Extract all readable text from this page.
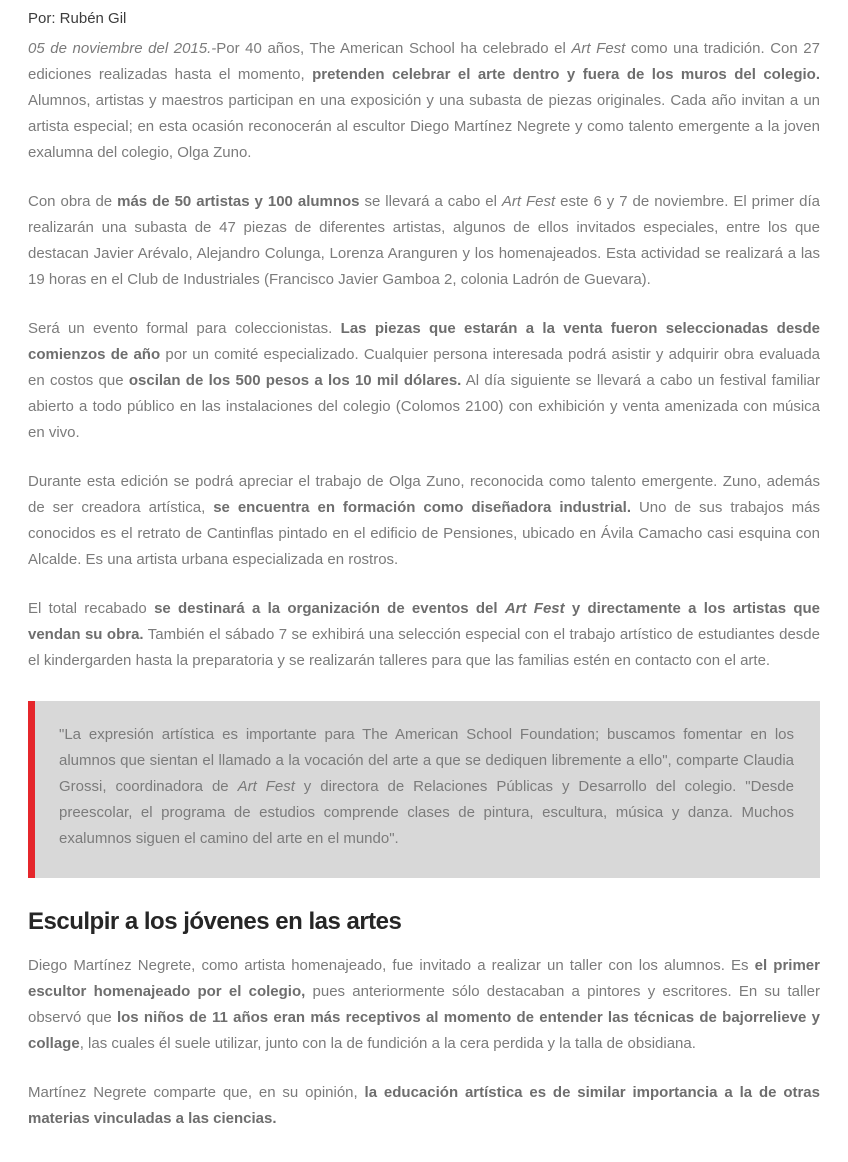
Por: Rubén Gil

05 de noviembre del 2015.-Por 40 años, The American School ha celebrado el Art Fest como una tradición. Con 27 ediciones realizadas hasta el momento, pretenden celebrar el arte dentro y fuera de los muros del colegio. Alumnos, artistas y maestros participan en una exposición y una subasta de piezas originales. Cada año invitan a un artista especial; en esta ocasión reconocerán al escultor Diego Martínez Negrete y como talento emergente a la joven exalumna del colegio, Olga Zuno.

Con obra de más de 50 artistas y 100 alumnos se llevará a cabo el Art Fest este 6 y 7 de noviembre. El primer día realizarán una subasta de 47 piezas de diferentes artistas, algunos de ellos invitados especiales, entre los que destacan Javier Arévalo, Alejandro Colunga, Lorenza Aranguren y los homenajeados. Esta actividad se realizará a las 19 horas en el Club de Industriales (Francisco Javier Gamboa 2, colonia Ladrón de Guevara).

Será un evento formal para coleccionistas. Las piezas que estarán a la venta fueron seleccionadas desde comienzos de año por un comité especializado. Cualquier persona interesada podrá asistir y adquirir obra evaluada en costos que oscilan de los 500 pesos a los 10 mil dólares. Al día siguiente se llevará a cabo un festival familiar abierto a todo público en las instalaciones del colegio (Colomos 2100) con exhibición y venta amenizada con música en vivo.

Durante esta edición se podrá apreciar el trabajo de Olga Zuno, reconocida como talento emergente. Zuno, además de ser creadora artística, se encuentra en formación como diseñadora industrial. Uno de sus trabajos más conocidos es el retrato de Cantinflas pintado en el edificio de Pensiones, ubicado en Ávila Camacho casi esquina con Alcalde. Es una artista urbana especializada en rostros.

El total recabado se destinará a la organización de eventos del Art Fest y directamente a los artistas que vendan su obra. También el sábado 7 se exhibirá una selección especial con el trabajo artístico de estudiantes desde el kindergarden hasta la preparatoria y se realizarán talleres para que las familias estén en contacto con el arte.

"La expresión artística es importante para The American School Foundation; buscamos fomentar en los alumnos que sientan el llamado a la vocación del arte a que se dediquen libremente a ello", comparte Claudia Grossi, coordinadora de Art Fest y directora de Relaciones Públicas y Desarrollo del colegio. "Desde preescolar, el programa de estudios comprende clases de pintura, escultura, música y danza. Muchos exalumnos siguen el camino del arte en el mundo".

Esculpir a los jóvenes en las artes

Diego Martínez Negrete, como artista homenajeado, fue invitado a realizar un taller con los alumnos. Es el primer escultor homenajeado por el colegio, pues anteriormente sólo destacaban a pintores y escritores. En su taller observó que los niños de 11 años eran más receptivos al momento de entender las técnicas de bajorrelieve y collage, las cuales él suele utilizar, junto con la de fundición a la cera perdida y la talla de obsidiana.

Martínez Negrete comparte que, en su opinión, la educación artística es de similar importancia a la de otras materias vinculadas a las ciencias.
